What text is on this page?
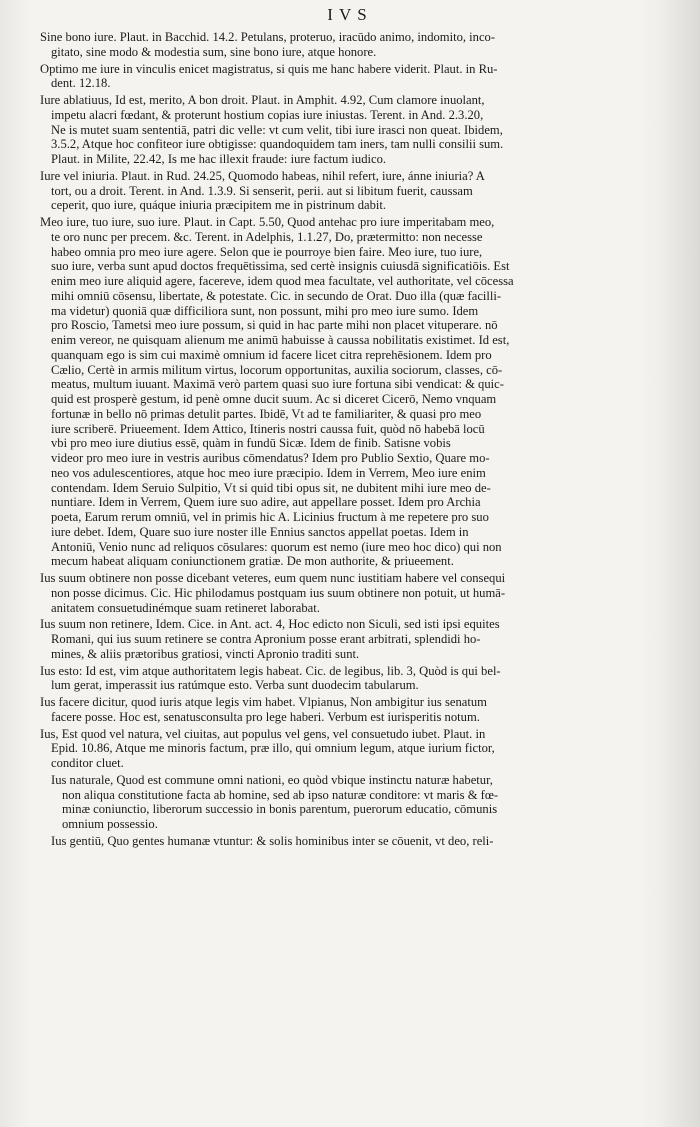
IVS
Sine bono iure. Plaut. in Bacchid. 14.2. Petulans, proteruo, iracūdo animo, indomito, inco-
gitato, sine modo & modestia sum, sine bono iure, atque honore.
Optimo me iure in vinculis enicet magistratus, si quis me hanc habere viderit. Plaut. in Ru-
dent. 12.18.
Iure ablatiuus, Id est, merito, A bon droit. Plaut. in Amphit. 4.92, Cum clamore inuolant,
impetu alacri fœdant, & proterunt hostium copias iure iniustas. Terent. in And. 2.3.20,
Ne is mutet suam sententiā, patri dic velle: vt cum velit, tibi iure irasci non queat. Ibidem,
3.5.2, Atque hoc confiteor iure obtigisse: quandoquidem tam iners, tam nulli consilii sum.
Plaut. in Milite, 22.42, Is me hac illexit fraude: iure factum iudico.
Iure vel iniuria. Plaut. in Rud. 24.25, Quomodo habeas, nihil refert, iure, ánne iniuria? A
tort, ou a droit. Terent. in And. 1.3.9. Si senserit, perii. aut si libitum fuerit, caussam
ceperit, quo iure, quáque iniuria præcipitem me in pistrinum dabit.
Meo iure, tuo iure, suo iure. Plaut. in Capt. 5.50, Quod antehac pro iure imperitabam meo,
te oro nunc per precem. &c. Terent. in Adelphis, 1.1.27, Do, prætermitto: non necesse
habeo omnia pro meo iure agere. Selon que ie pourroye bien faire. Meo iure, tuo iure,
suo iure, verba sunt apud doctos frequētissima, sed certè insignis cuiusdā significatiōis. Est
enim meo iure aliquid agere, facereve, idem quod mea facultate, vel authoritate, vel cōcessa
mihi omniū cōsensu, libertate, & potestate. Cic. in secundo de Orat. Duo illa (quæ facilli-
ma videtur) quoniā quæ difficiliora sunt, non possunt, mihi pro meo iure sumo. Idem
pro Roscio, Tametsi meo iure possum, si quid in hac parte mihi non placet vituperare. nō
enim vereor, ne quisquam alienum me animū habuisse à caussa nobilitatis existimet. Id est,
quanquam ego is sim cui maximè omnium id facere licet citra reprehēsionem. Idem pro
Cælio, Certè in armis militum virtus, locorum opportunitas, auxilia sociorum, classes, cō-
meatus, multum iuuant. Maximā verò partem quasi suo iure fortuna sibi vendicat: & quic-
quid est prosperè gestum, id penè omne ducit suum. Ac si diceret Cicerō, Nemo vnquam
fortunæ in bello nō primas detulit partes. Ibidē, Vt ad te familiariter, & quasi pro meo
iure scriberē. Priueement. Idem Attico, Itineris nostri caussa fuit, quòd nō habebā locū
vbi pro meo iure diutius essē, quàm in fundū Sicæ. Idem de finib. Satisne vobis
videor pro meo iure in vestris auribus cōmendatus? Idem pro Publio Sextio, Quare mo-
neo vos adulescentiores, atque hoc meo iure præcipio. Idem in Verrem, Meo iure enim
contendam. Idem Seruio Sulpitio, Vt si quid tibi opus sit, ne dubitent mihi iure meo de-
nuntiare. Idem in Verrem, Quem iure suo adire, aut appellare posset. Idem pro Archia
poeta, Earum rerum omniū, vel in primis hic A. Licinius fructum à me repetere pro suo
iure debet. Idem, Quare suo iure noster ille Ennius sanctos appellat poetas. Idem in
Antoniū, Venio nunc ad reliquos cōsulares: quorum est nemo (iure meo hoc dico) qui non
mecum habeat aliquam coniunctionem gratiæ. De mon authorite, & priueement.
Ius suum obtinere non posse dicebant veteres, eum quem nunc iustitiam habere vel consequi
non posse dicimus. Cic. Hic philodamus postquam ius suum obtinere non potuit, ut humā-
anitatem consuetudinémque suam retineret laborabat.
Ius suum non retinere, Idem. Cice. in Ant. act. 4, Hoc edicto non Siculi, sed isti ipsi equites
Romani, qui ius suum retinere se contra Apronium posse erant arbitrati, splendidi ho-
mines, & aliis prætoribus gratiosi, vincti Apronio traditi sunt.
Ius esto: Id est, vim atque authoritatem legis habeat. Cic. de legibus, lib. 3, Quòd is qui bel-
lum gerat, imperassit ius ratúmque esto. Verba sunt duodecim tabularum.
Ius facere dicitur, quod iuris atque legis vim habet. Vlpianus, Non ambigitur ius senatum
facere posse. Hoc est, senatusconsulta pro lege haberi. Verbum est iurisperitis notum.
Ius, Est quod vel natura, vel ciuitas, aut populus vel gens, vel consuetudo iubet. Plaut. in
Epid. 10.86, Atque me minoris factum, præ illo, qui omnium legum, atque iurium fictor,
conditor cluet.
Ius naturale, Quod est commune omni nationi, eo quòd vbique instinctu naturæ habetur,
non aliqua constitutione facta ab homine, sed ab ipso naturæ conditore: vt maris & fœ-
minæ coniunctio, liberorum successio in bonis parentum, puerorum educatio, cōmunis
omnium possessio.
Ius gentiū, Quo gentes humanæ vtuntur: & solis hominibus inter se cōuenit, vt deo, reli-
